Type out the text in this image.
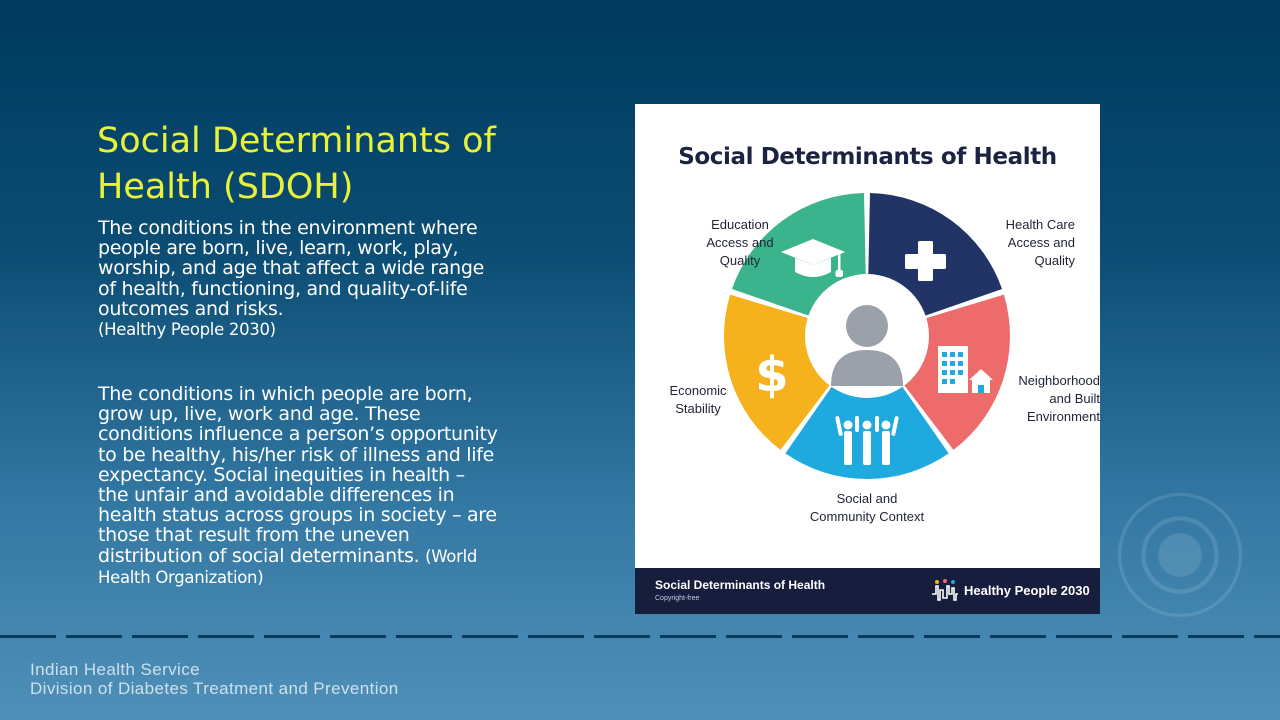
Social Determinants of Health (SDOH)

The conditions in the environment where people are born, live, learn, work, play, worship, and age that affect a wide range of health, functioning, and quality-of-life outcomes and risks.
(Healthy People 2030)

The conditions in which people are born, grow up, live, work and age. These conditions influence a person’s opportunity to be healthy, his/her risk of illness and life expectancy. Social inequities in health – the unfair and avoidable differences in health status across groups in society – are those that result from the uneven distribution of social determinants. (World Health Organization)

Social Determinants of Health
$
Education
Access and
Quality
Health Care
Access and
Quality
Neighborhood
and Built
Environment
Social and
Community Context
Economic
Stability
Social Determinants of Health
Copyright-free
Healthy People 2030
Indian Health Service
Division of Diabetes Treatment and Prevention
